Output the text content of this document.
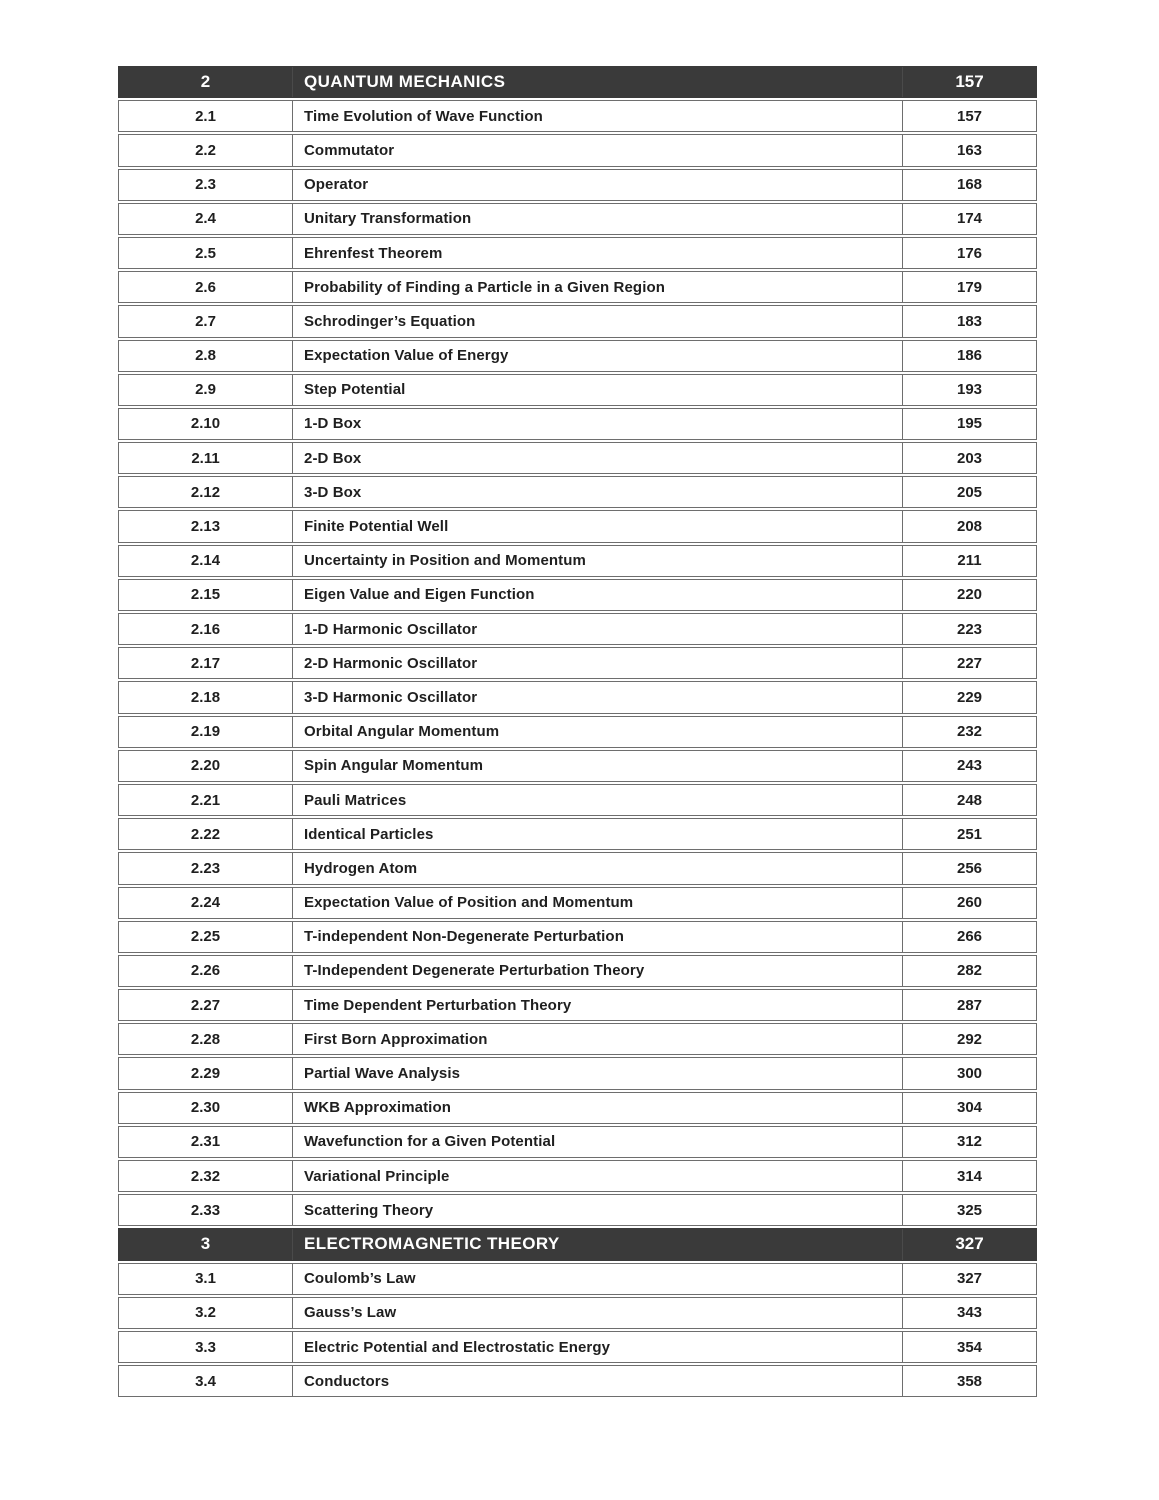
2	QUANTUM MECHANICS	157
2.1	Time Evolution of Wave Function	157
2.2	Commutator	163
2.3	Operator	168
2.4	Unitary Transformation	174
2.5	Ehrenfest Theorem	176
2.6	Probability of Finding a Particle in a Given Region	179
2.7	Schrodinger’s Equation	183
2.8	Expectation Value of Energy	186
2.9	Step Potential	193
2.10	1-D Box	195
2.11	2-D Box	203
2.12	3-D Box	205
2.13	Finite Potential Well	208
2.14	Uncertainty in Position and Momentum	211
2.15	Eigen Value and Eigen Function	220
2.16	1-D Harmonic Oscillator	223
2.17	2-D Harmonic Oscillator	227
2.18	3-D Harmonic Oscillator	229
2.19	Orbital Angular Momentum	232
2.20	Spin Angular Momentum	243
2.21	Pauli Matrices	248
2.22	Identical Particles	251
2.23	Hydrogen Atom	256
2.24	Expectation Value of Position and Momentum	260
2.25	T-independent Non-Degenerate Perturbation	266
2.26	T-Independent Degenerate Perturbation Theory	282
2.27	Time Dependent Perturbation Theory	287
2.28	First Born Approximation	292
2.29	Partial Wave Analysis	300
2.30	WKB Approximation	304
2.31	Wavefunction for a Given Potential	312
2.32	Variational Principle	314
2.33	Scattering Theory	325
3	ELECTROMAGNETIC THEORY	327
3.1	Coulomb’s Law	327
3.2	Gauss’s Law	343
3.3	Electric Potential and Electrostatic Energy	354
3.4	Conductors	358
